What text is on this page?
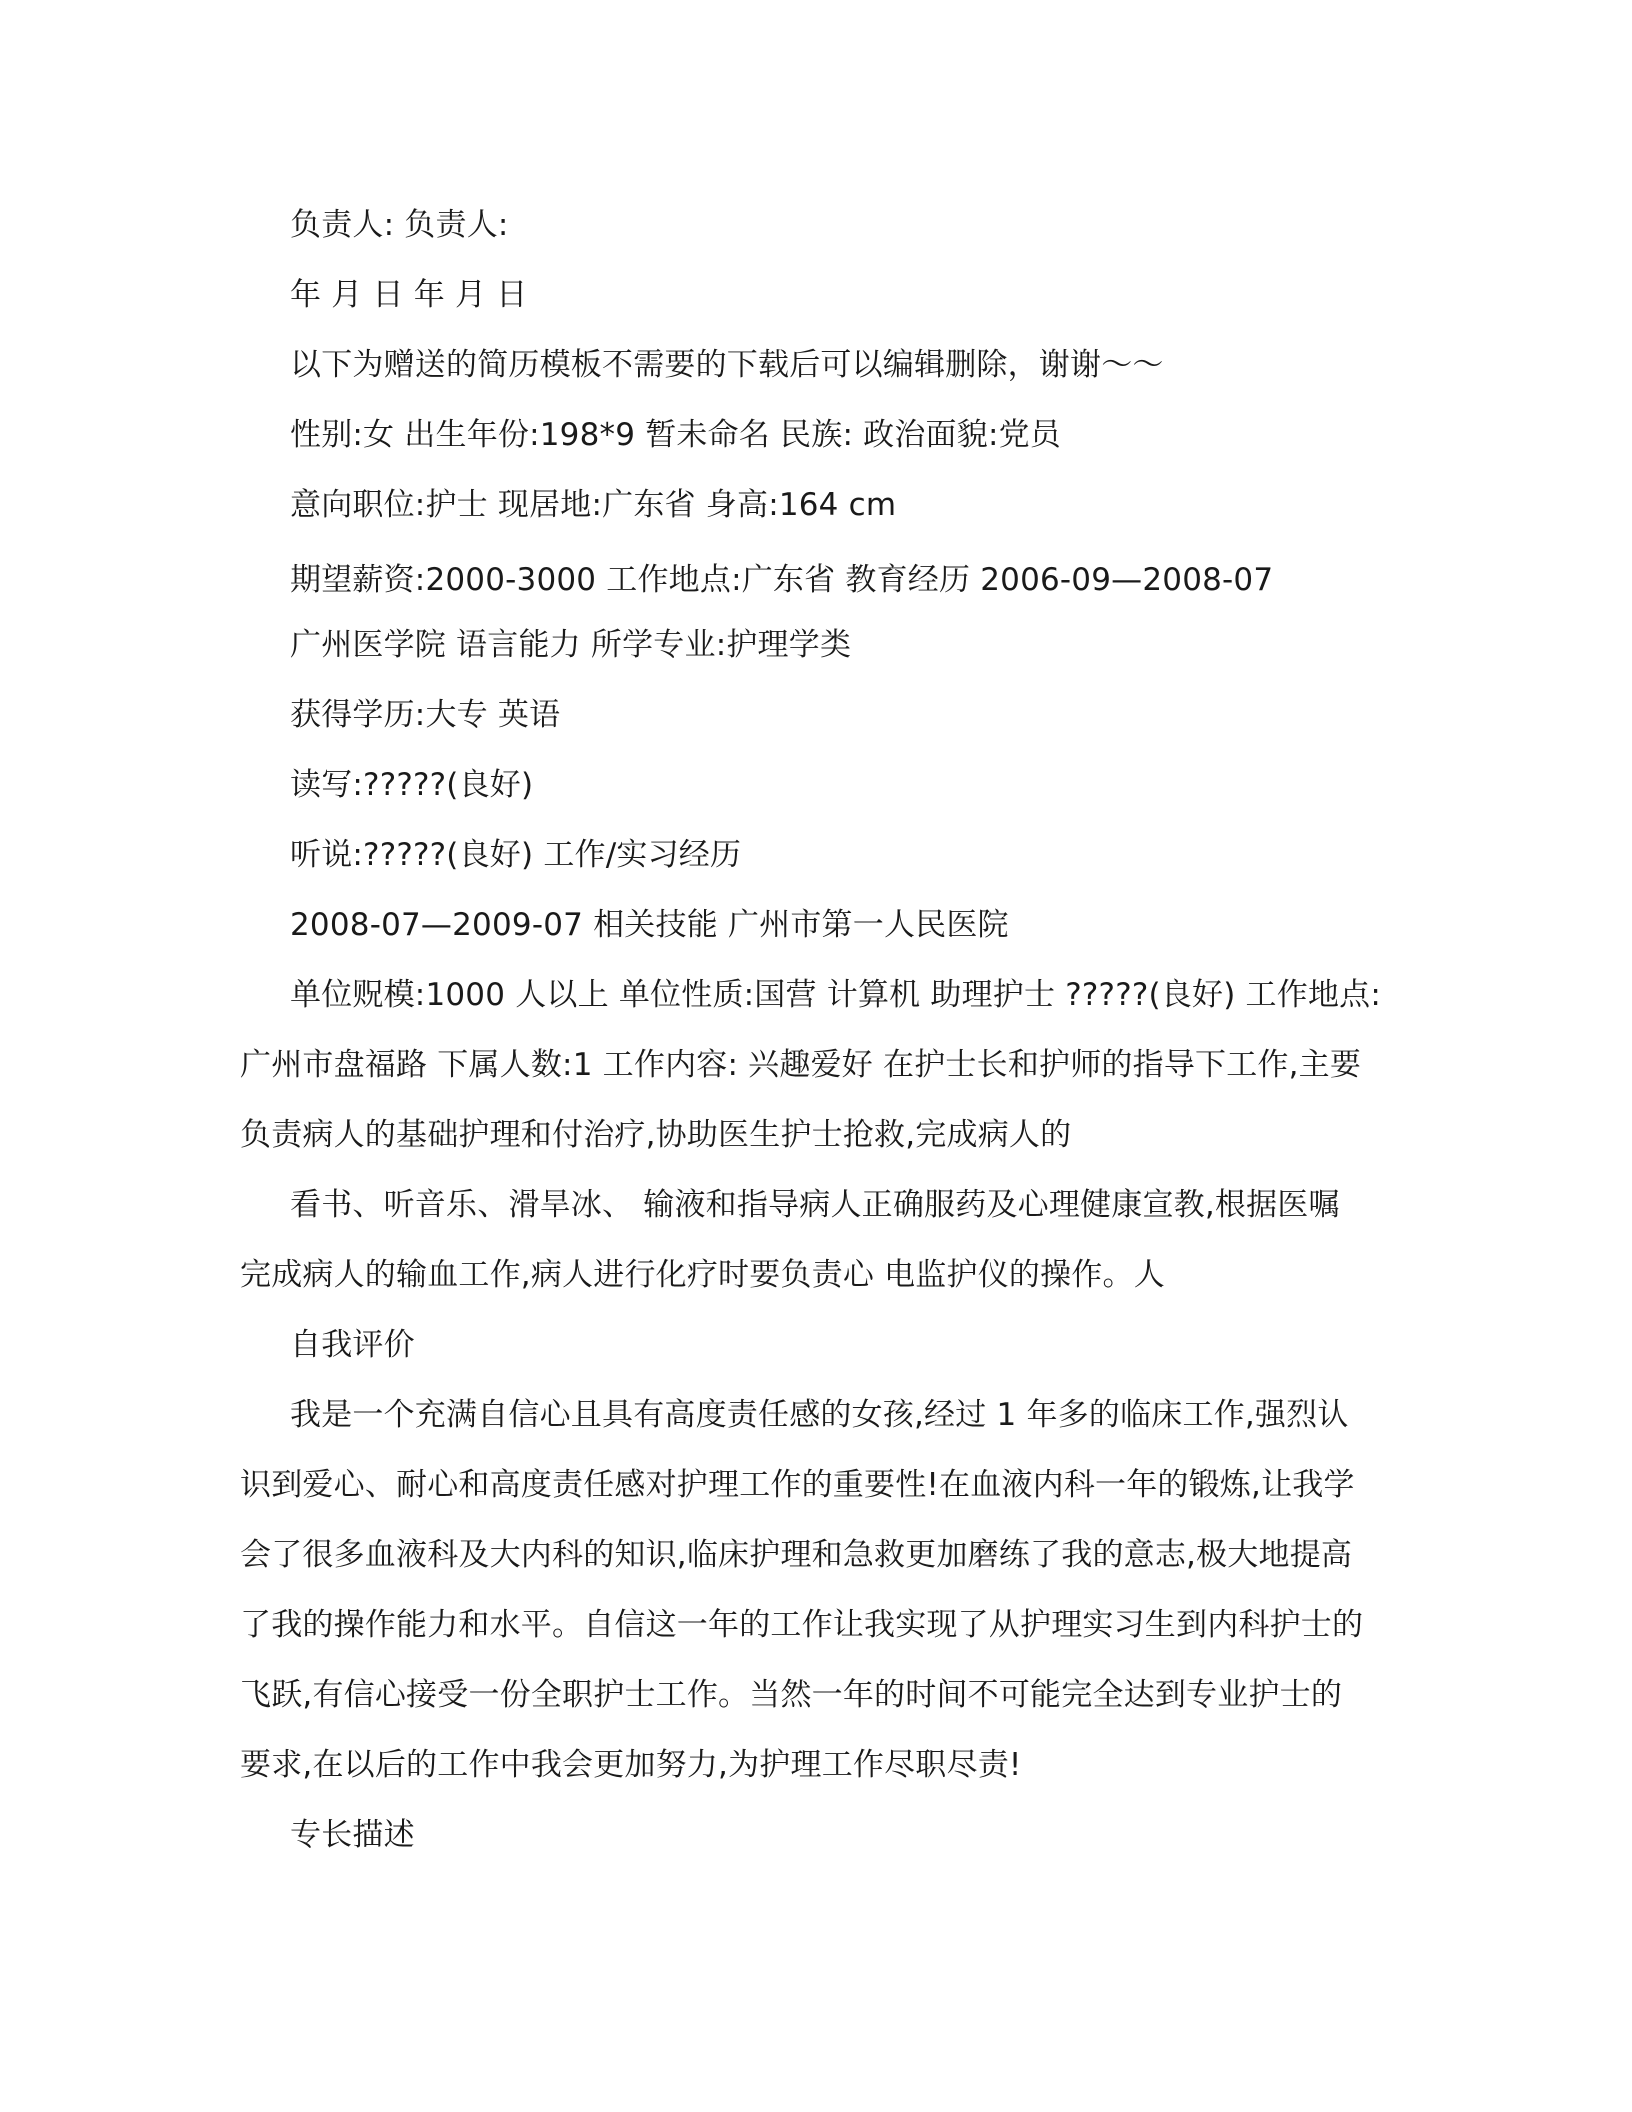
负责人: 负责人:
年 月 日 年 月 日
以下为赠送的简历模板不需要的下载后可以编辑删除，谢谢～～
性别:女 出生年份:198*9 暂未命名 民族: 政治面貌:党员
意向职位:护士 现居地:广东省 身高:164 cm
期望薪资:2000-3000 工作地点:广东省 教育经历 2006-09—2008-07
广州医学院 语言能力 所学专业:护理学类
获得学历:大专 英语
读写:?????(良好)
听说:?????(良好) 工作/实习经历
2008-07—2009-07 相关技能 广州市第一人民医院
单位贶模:1000 人以上 单位性质:国营 计算机 助理护士 ?????(良好) 工作地点:
广州市盘福路 下属人数:1 工作内容: 兴趣爱好 在护士长和护师的指导下工作,主要
负责病人的基础护理和付治疗,协助医生护士抢救,完成病人的
看书、听音乐、滑旱冰、 输液和指导病人正确服药及心理健康宣教,根据医嘱
完成病人的输血工作,病人进行化疗时要负责心 电监护仪的操作。人
自我评价
我是一个充满自信心且具有高度责任感的女孩,经过 1 年多的临床工作,强烈认
识到爱心、耐心和高度责任感对护理工作的重要性!在血液内科一年的锻炼,让我学
会了很多血液科及大内科的知识,临床护理和急救更加磨练了我的意志,极大地提高
了我的操作能力和水平。自信这一年的工作让我实现了从护理实习生到内科护士的
飞跃,有信心接受一份全职护士工作。当然一年的时间不可能完全达到专业护士的
要求,在以后的工作中我会更加努力,为护理工作尽职尽责!
专长描述
